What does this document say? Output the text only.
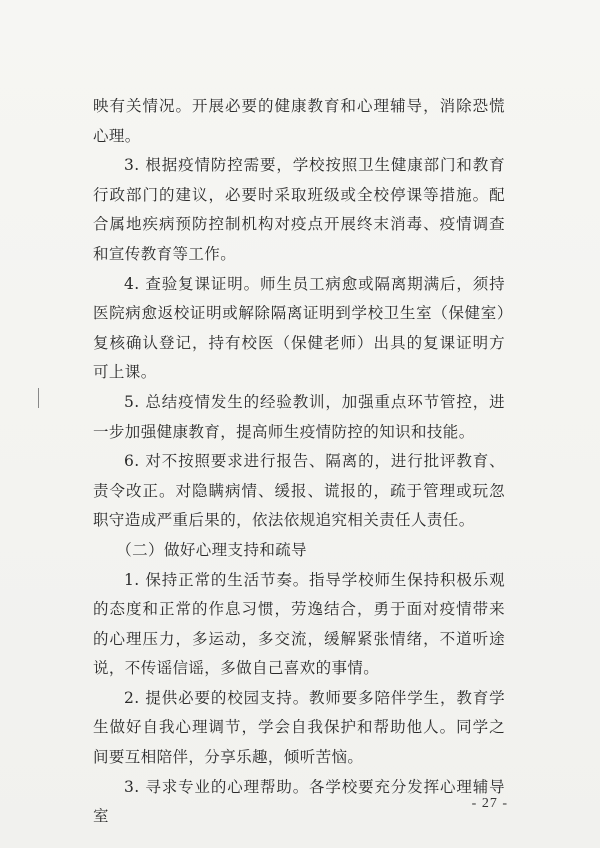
映有关情况。开展必要的健康教育和心理辅导，消除恐慌心理。

3. 根据疫情防控需要，学校按照卫生健康部门和教育行政部门的建议，必要时采取班级或全校停课等措施。配合属地疾病预防控制机构对疫点开展终末消毒、疫情调查和宣传教育等工作。

4. 查验复课证明。师生员工病愈或隔离期满后，须持医院病愈返校证明或解除隔离证明到学校卫生室（保健室）复核确认登记，持有校医（保健老师）出具的复课证明方可上课。

5. 总结疫情发生的经验教训，加强重点环节管控，进一步加强健康教育，提高师生疫情防控的知识和技能。

6. 对不按照要求进行报告、隔离的，进行批评教育、责令改正。对隐瞒病情、缓报、谎报的，疏于管理或玩忽职守造成严重后果的，依法依规追究相关责任人责任。

（二）做好心理支持和疏导

1. 保持正常的生活节奏。指导学校师生保持积极乐观的态度和正常的作息习惯，劳逸结合，勇于面对疫情带来的心理压力，多运动，多交流，缓解紧张情绪，不道听途说，不传谣信谣，多做自己喜欢的事情。

2. 提供必要的校园支持。教师要多陪伴学生，教育学生做好自我心理调节，学会自我保护和帮助他人。同学之间要互相陪伴，分享乐趣，倾听苦恼。

3. 寻求专业的心理帮助。各学校要充分发挥心理辅导室

- 27 -
